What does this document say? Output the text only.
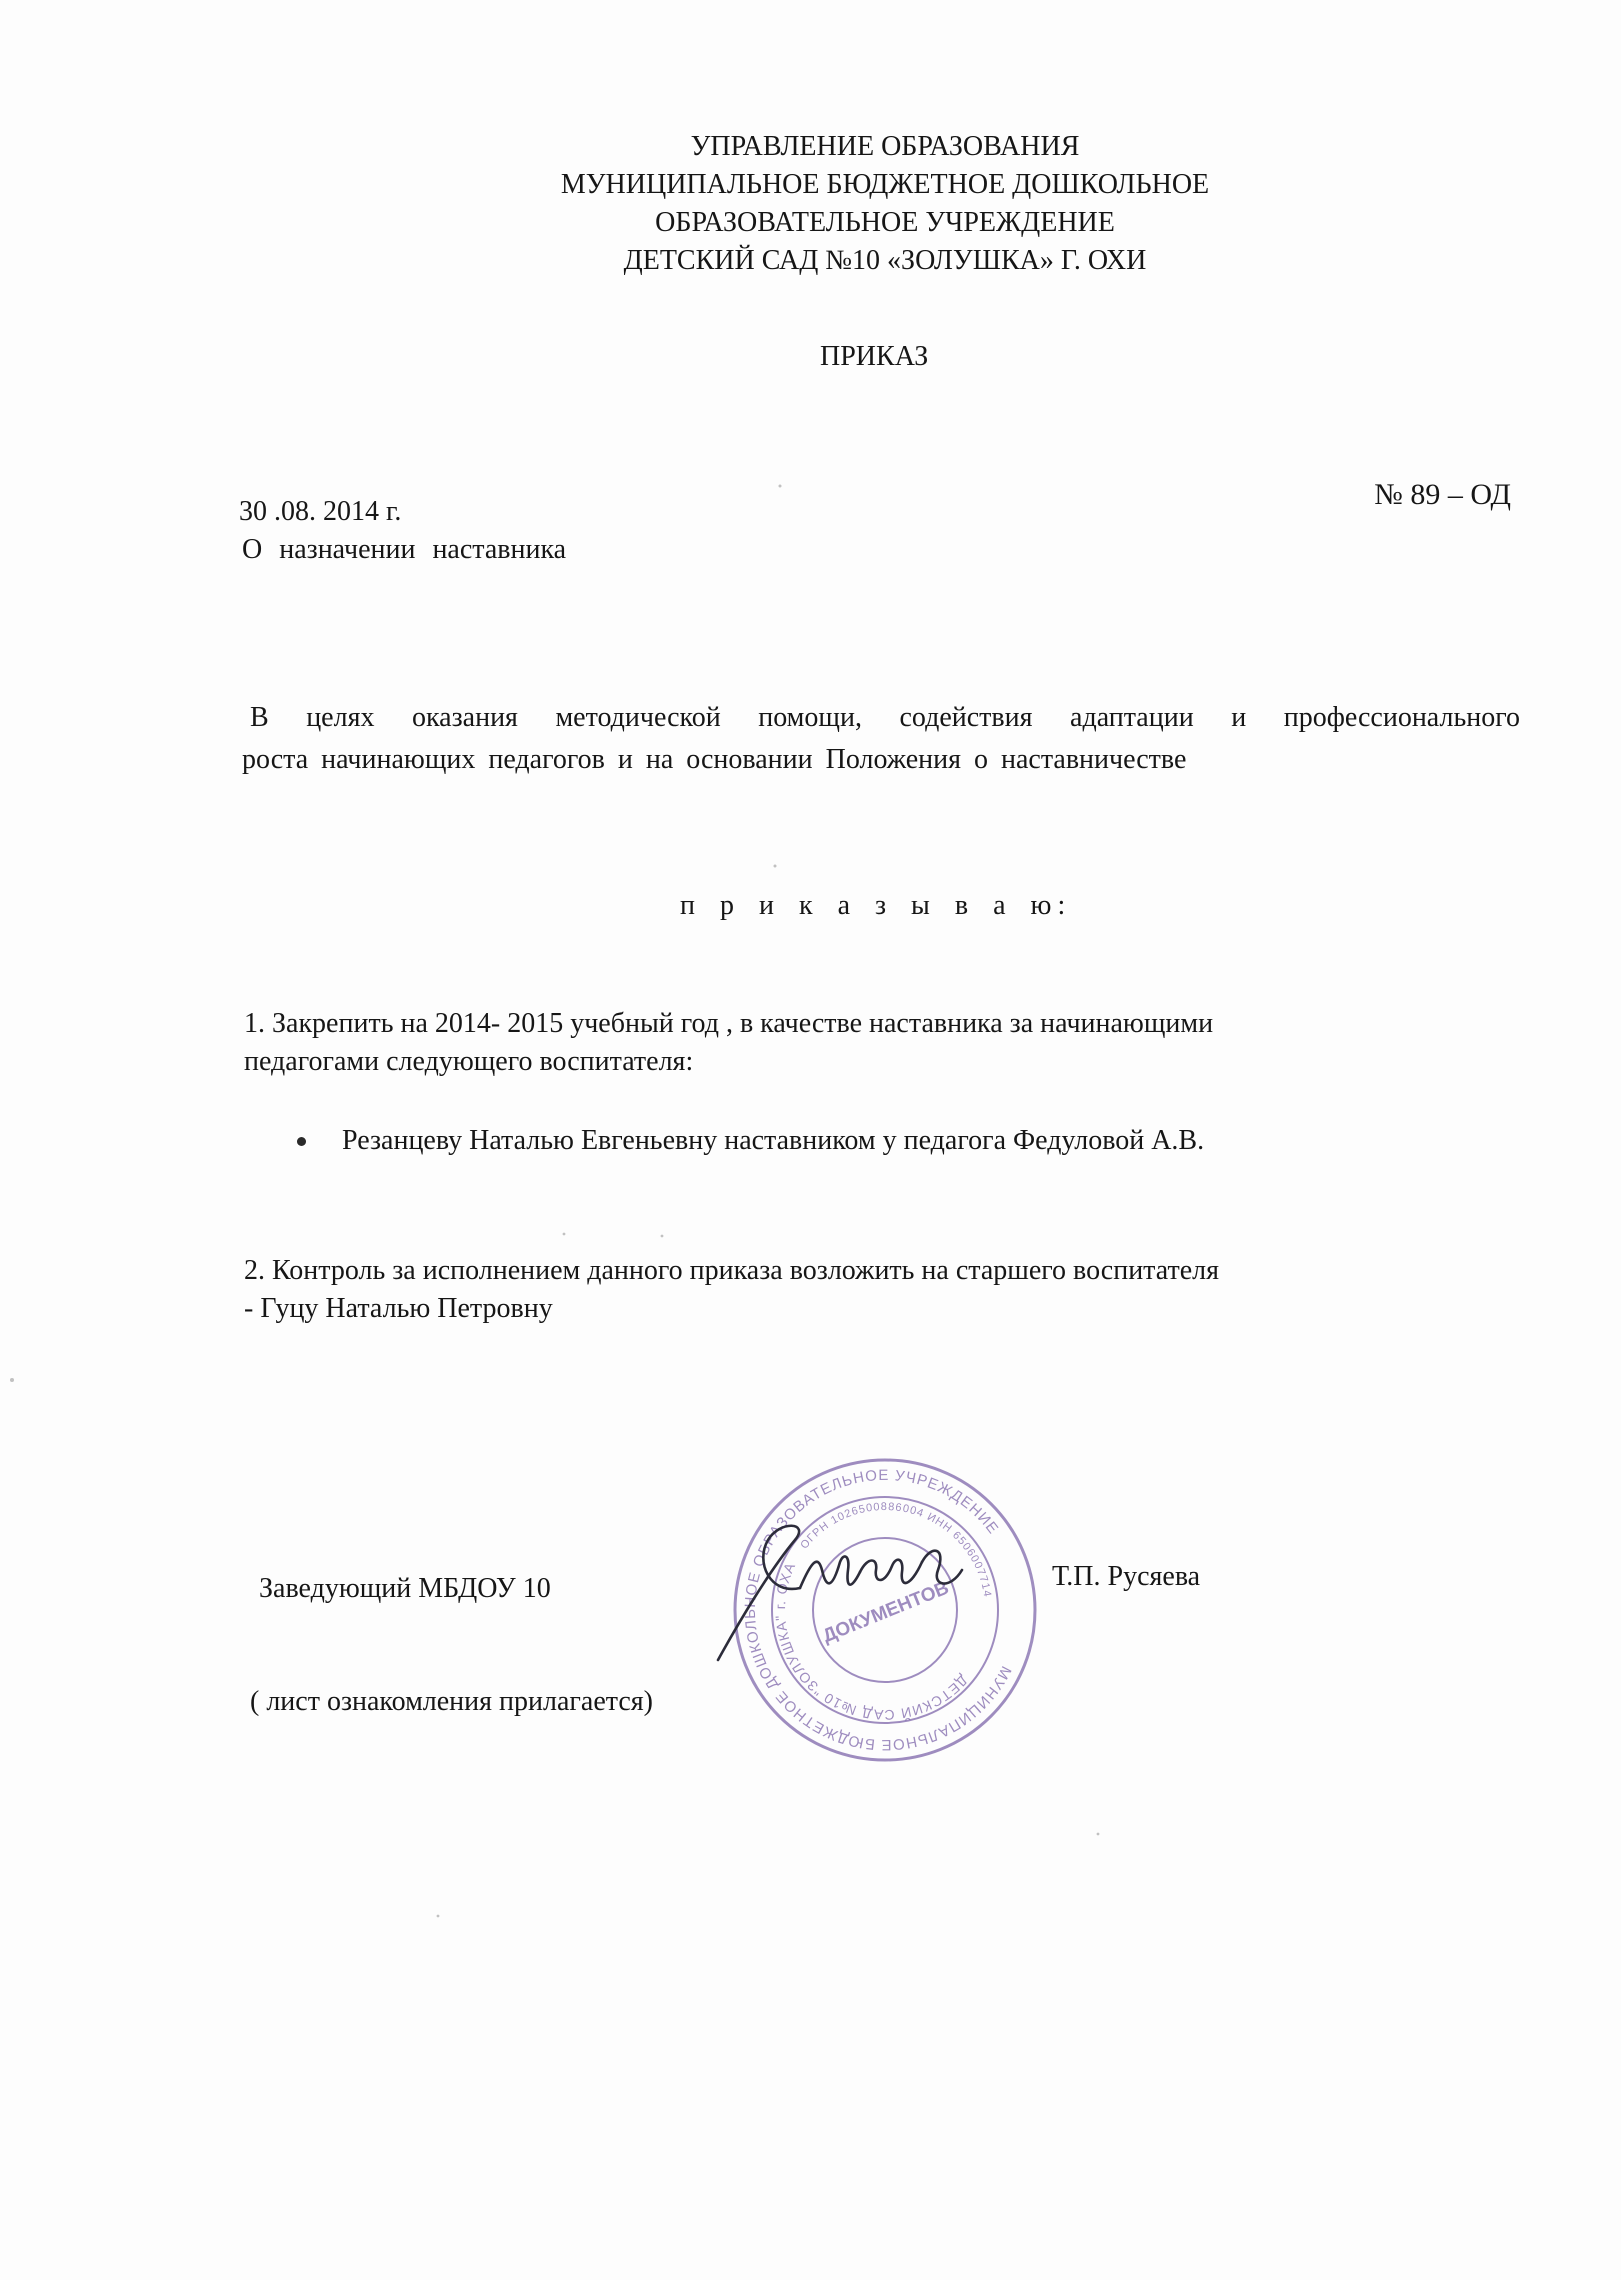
УПРАВЛЕНИЕ ОБРАЗОВАНИЯ
МУНИЦИПАЛЬНОЕ БЮДЖЕТНОЕ ДОШКОЛЬНОЕ
ОБРАЗОВАТЕЛЬНОЕ УЧРЕЖДЕНИЕ
ДЕТСКИЙ САД №10 «ЗОЛУШКА» Г. ОХИ
ПРИКАЗ
30 .08. 2014 г.
№ 89 – ОД
О назначении наставника
В целях оказания методической помощи, содействия адаптации и профессионального
роста начинающих педагогов и на основании Положения о наставничестве
п р и к а з ы в а ю:
1. Закрепить на 2014- 2015 учебный год , в качестве наставника за начинающими
педагогами следующего воспитателя:
Резанцеву Наталью Евгеньевну наставником у педагога Федуловой А.В.
2. Контроль за исполнением данного приказа возложить на старшего воспитателя
- Гуцу Наталью Петровну
Заведующий МБДОУ 10	Т.П. Русяева
( лист ознакомления прилагается)
МУНИЦИПАЛЬНОЕ БЮДЖЕТНОЕ ДОШКОЛЬНОЕ ОБРАЗОВАТЕЛЬНОЕ УЧРЕЖДЕНИЕ
ДЕТСКИЙ САД №10 "ЗОЛУШКА" г. ОХА
ОГРН 1026500886004 ИНН 6506007714
ДОКУМЕНТОВ
